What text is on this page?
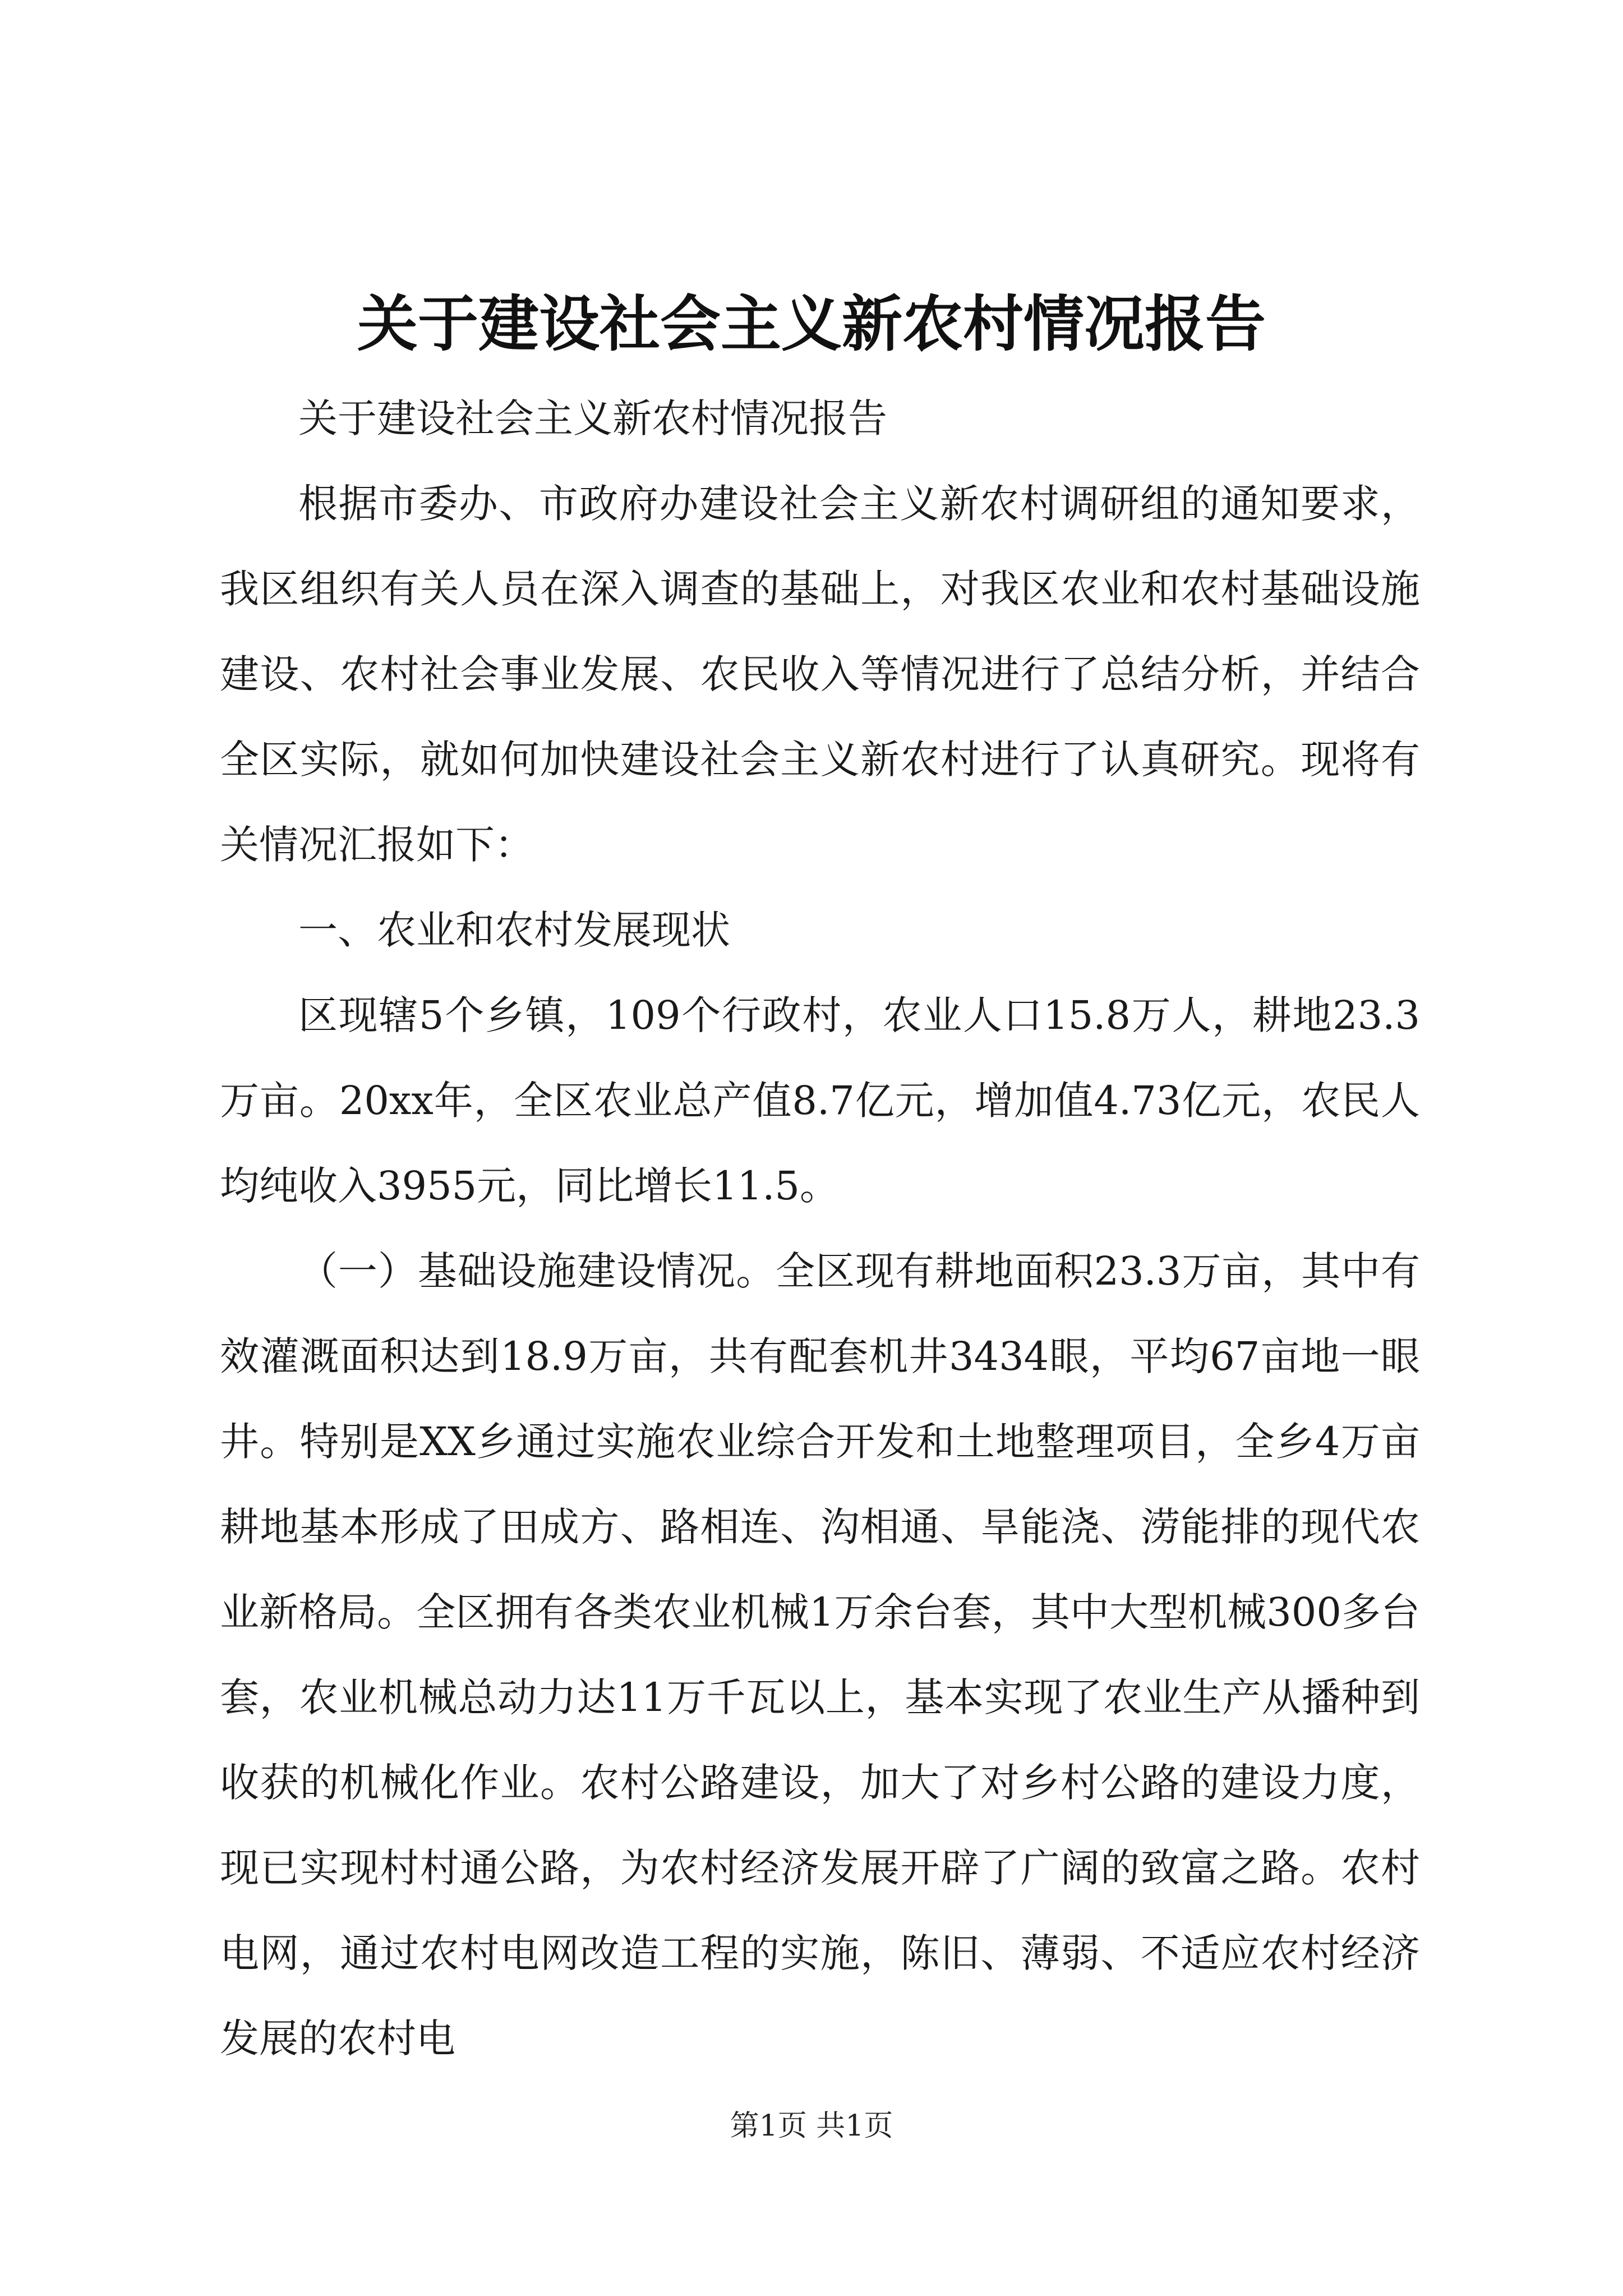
关于建设社会主义新农村情况报告

关于建设社会主义新农村情况报告

根据市委办、市政府办建设社会主义新农村调研组的通知要求，我区组织有关人员在深入调查的基础上，对我区农业和农村基础设施建设、农村社会事业发展、农民收入等情况进行了总结分析，并结合全区实际，就如何加快建设社会主义新农村进行了认真研究。现将有关情况汇报如下：

一、农业和农村发展现状

区现辖5个乡镇，109个行政村，农业人口15.8万人，耕地23.3万亩。20xx年，全区农业总产值8.7亿元，增加值4.73亿元，农民人均纯收入3955元，同比增长11.5。

（一）基础设施建设情况。全区现有耕地面积23.3万亩，其中有效灌溉面积达到18.9万亩，共有配套机井3434眼，平均67亩地一眼井。特别是XX乡通过实施农业综合开发和土地整理项目，全乡4万亩耕地基本形成了田成方、路相连、沟相通、旱能浇、涝能排的现代农业新格局。全区拥有各类农业机械1万余台套，其中大型机械300多台套，农业机械总动力达11万千瓦以上，基本实现了农业生产从播种到收获的机械化作业。农村公路建设，加大了对乡村公路的建设力度，现已实现村村通公路，为农村经济发展开辟了广阔的致富之路。农村电网，通过农村电网改造工程的实施，陈旧、薄弱、不适应农村经济发展的农村电

第1页 共1页
